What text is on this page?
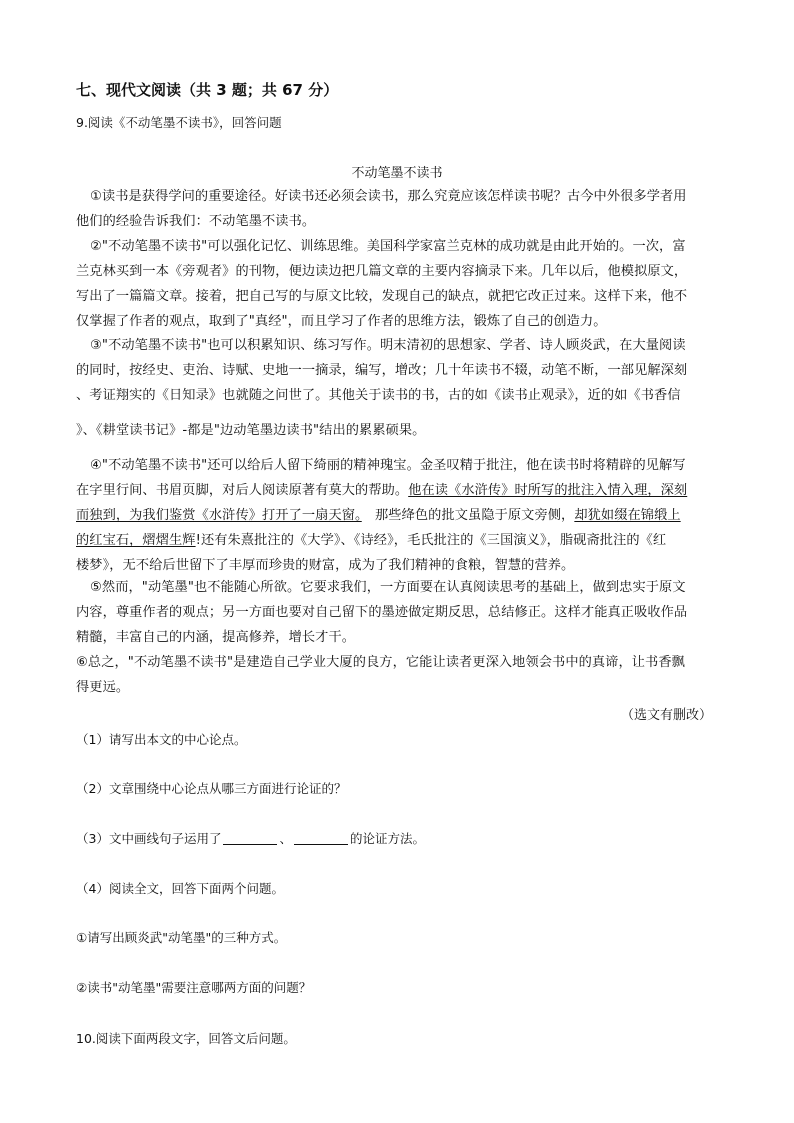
七、现代文阅读（共 3 题；共 67 分）
9.阅读《不动笔墨不读书》，回答问题
不动笔墨不读书
①读书是获得学问的重要途径。好读书还必须会读书，那么究竟应该怎样读书呢？古今中外很多学者用
他们的经验告诉我们：不动笔墨不读书。
②"不动笔墨不读书"可以强化记忆、训练思维。美国科学家富兰克林的成功就是由此开始的。一次，富
兰克林买到一本《旁观者》的刊物，便边读边把几篇文章的主要内容摘录下来。几年以后，他模拟原文，
写出了一篇篇文章。接着，把自己写的与原文比较，发现自己的缺点，就把它改正过来。这样下来，他不
仅掌握了作者的观点，取到了"真经"，而且学习了作者的思维方法，锻炼了自己的创造力。
③"不动笔墨不读书"也可以积累知识、练习写作。明末清初的思想家、学者、诗人顾炎武，在大量阅读
的同时，按经史、吏治、诗赋、史地一一摘录，编写，增改；几十年读书不辍，动笔不断，一部见解深刻
、考证翔实的《日知录》也就随之问世了。其他关于读书的书，古的如《读书止观录》，近的如《书香信
》、《耕堂读书记》-都是"边动笔墨边读书"结出的累累硕果。
④"不动笔墨不读书"还可以给后人留下绮丽的精神瑰宝。金圣叹精于批注，他在读书时将精辟的见解写
在字里行间、书眉页脚，对后人阅读原著有莫大的帮助。他在读《水浒传》时所写的批注入情入理，深刻
而独到，为我们鉴赏《水浒传》打开了一扇天窗。　那些绛色的批文虽隐于原文旁侧，却犹如缀在锦缎上
的红宝石，熠熠生辉!还有朱熹批注的《大学》、《诗经》，毛氏批注的《三国演义》，脂砚斋批注的《红
楼梦》，无不给后世留下了丰厚而珍贵的财富，成为了我们精神的食粮，智慧的营养。
⑤然而，"动笔墨"也不能随心所欲。它要求我们，一方面要在认真阅读思考的基础上，做到忠实于原文
内容，尊重作者的观点；另一方面也要对自己留下的墨迹做定期反思，总结修正。这样才能真正吸收作品
精髓，丰富自己的内涵，提高修养，增长才干。
⑥总之，"不动笔墨不读书"是建造自己学业大厦的良方，它能让读者更深入地领会书中的真谛，让书香飘
得更远。
（选文有删改）
（1）请写出本文的中心论点。
（2）文章围绕中心论点从哪三方面进行论证的？
（3）文中画线句子运用了	、	的论证方法。
（4）阅读全文，回答下面两个问题。
①请写出顾炎武"动笔墨"的三种方式。
②读书"动笔墨"需要注意哪两方面的问题？
10.阅读下面两段文字，回答文后问题。
